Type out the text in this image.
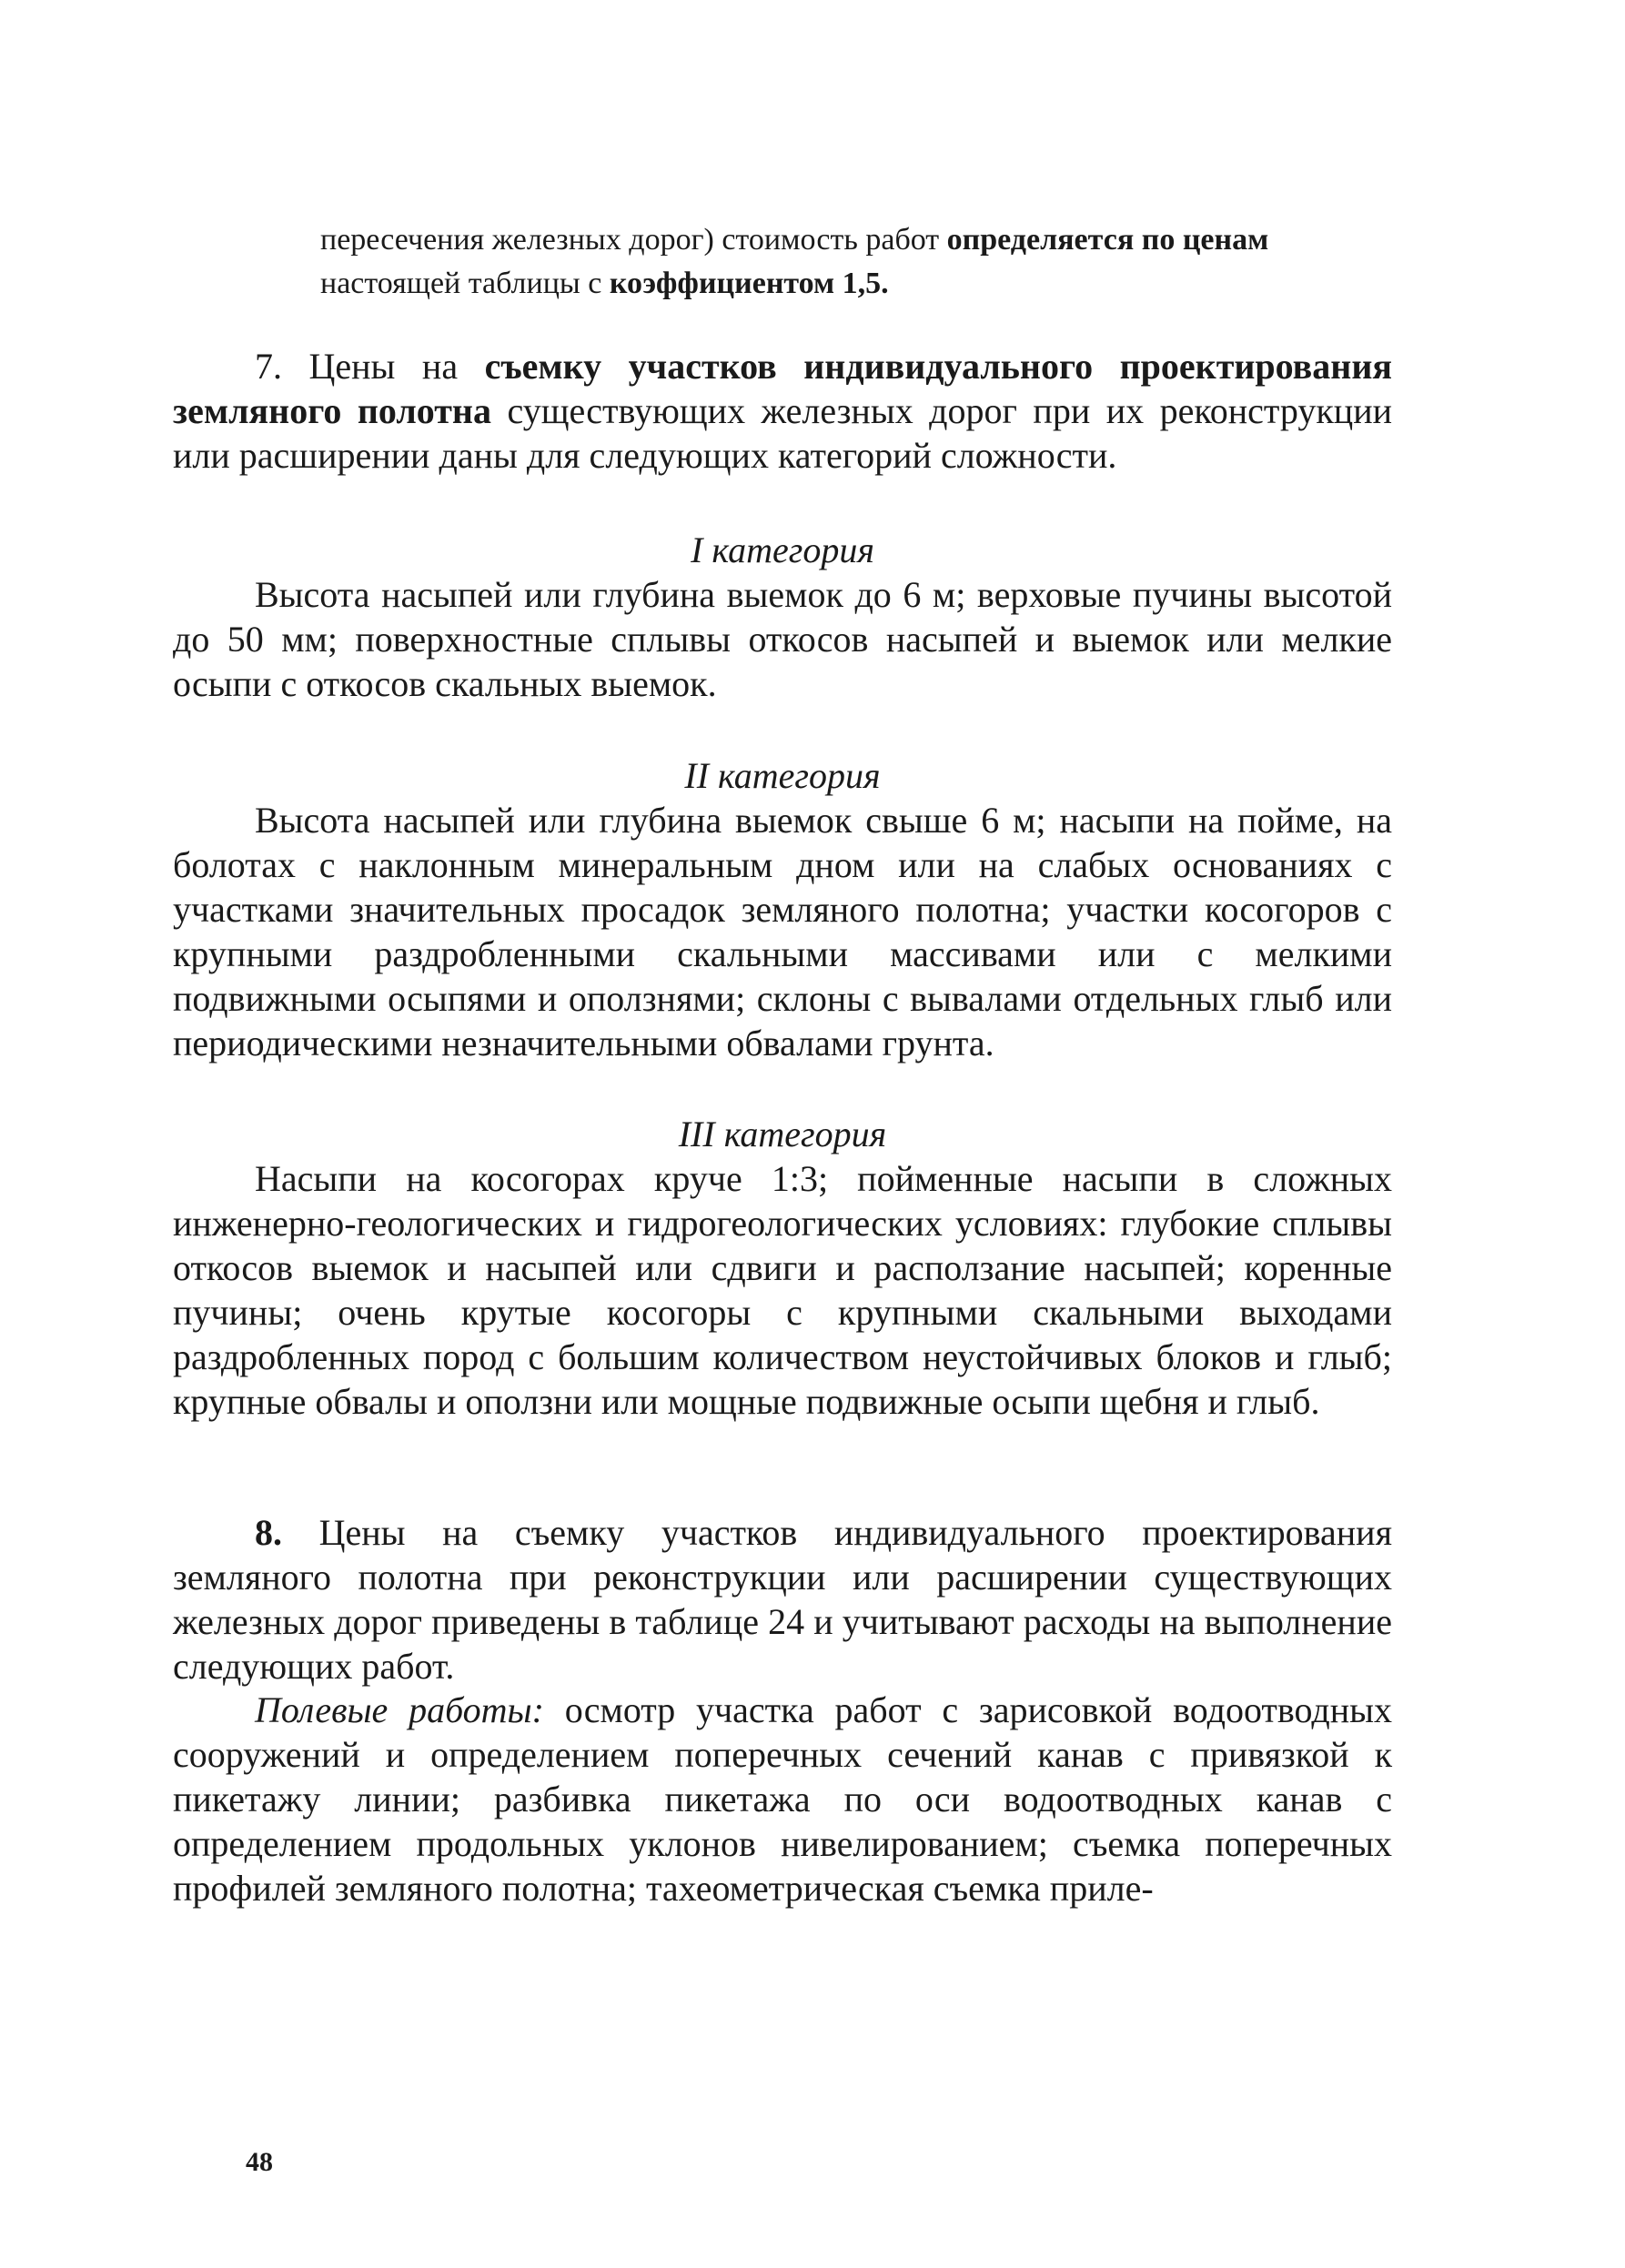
пересечения железных дорог) стоимость работ определяется по ценам
настоящей таблицы с коэффициентом 1,5.

7. Цены на съемку участков индивидуального проектирования земляного полотна существующих железных дорог при их реконструкции или расширении даны для следующих категорий сложности.

I категория

Высота насыпей или глубина выемок до 6 м; верховые пучины высотой до 50 мм; поверхностные сплывы откосов насыпей и выемок или мелкие осыпи с откосов скальных выемок.

II категория

Высота насыпей или глубина выемок свыше 6 м; насыпи на пойме, на болотах с наклонным минеральным дном или на слабых основаниях с участками значительных просадок земляного полотна; участки косогоров с крупными раздробленными скальными массивами или с мелкими подвижными осыпями и оползнями; склоны с вывалами отдельных глыб или периодическими незначительными обвалами грунта.

III категория

Насыпи на косогорах круче 1:3; пойменные насыпи в сложных инженерно-геологических и гидрогеологических условиях: глубокие сплывы откосов выемок и насыпей или сдвиги и расползание насыпей; коренные пучины; очень крутые косогоры с крупными скальными выходами раздробленных пород с большим количеством неустойчивых блоков и глыб; крупные обвалы и оползни или мощные подвижные осыпи щебня и глыб.

8. Цены на съемку участков индивидуального проектирования земляного полотна при реконструкции или расширении существующих железных дорог приведены в таблице 24 и учитывают расходы на выполнение следующих работ.

Полевые работы: осмотр участка работ с зарисовкой водоотводных сооружений и определением поперечных сечений канав с привязкой к пикетажу линии; разбивка пикетажа по оси водоотводных канав с определением продольных уклонов нивелированием; съемка поперечных профилей земляного полотна; тахеометрическая съемка приле-

48
